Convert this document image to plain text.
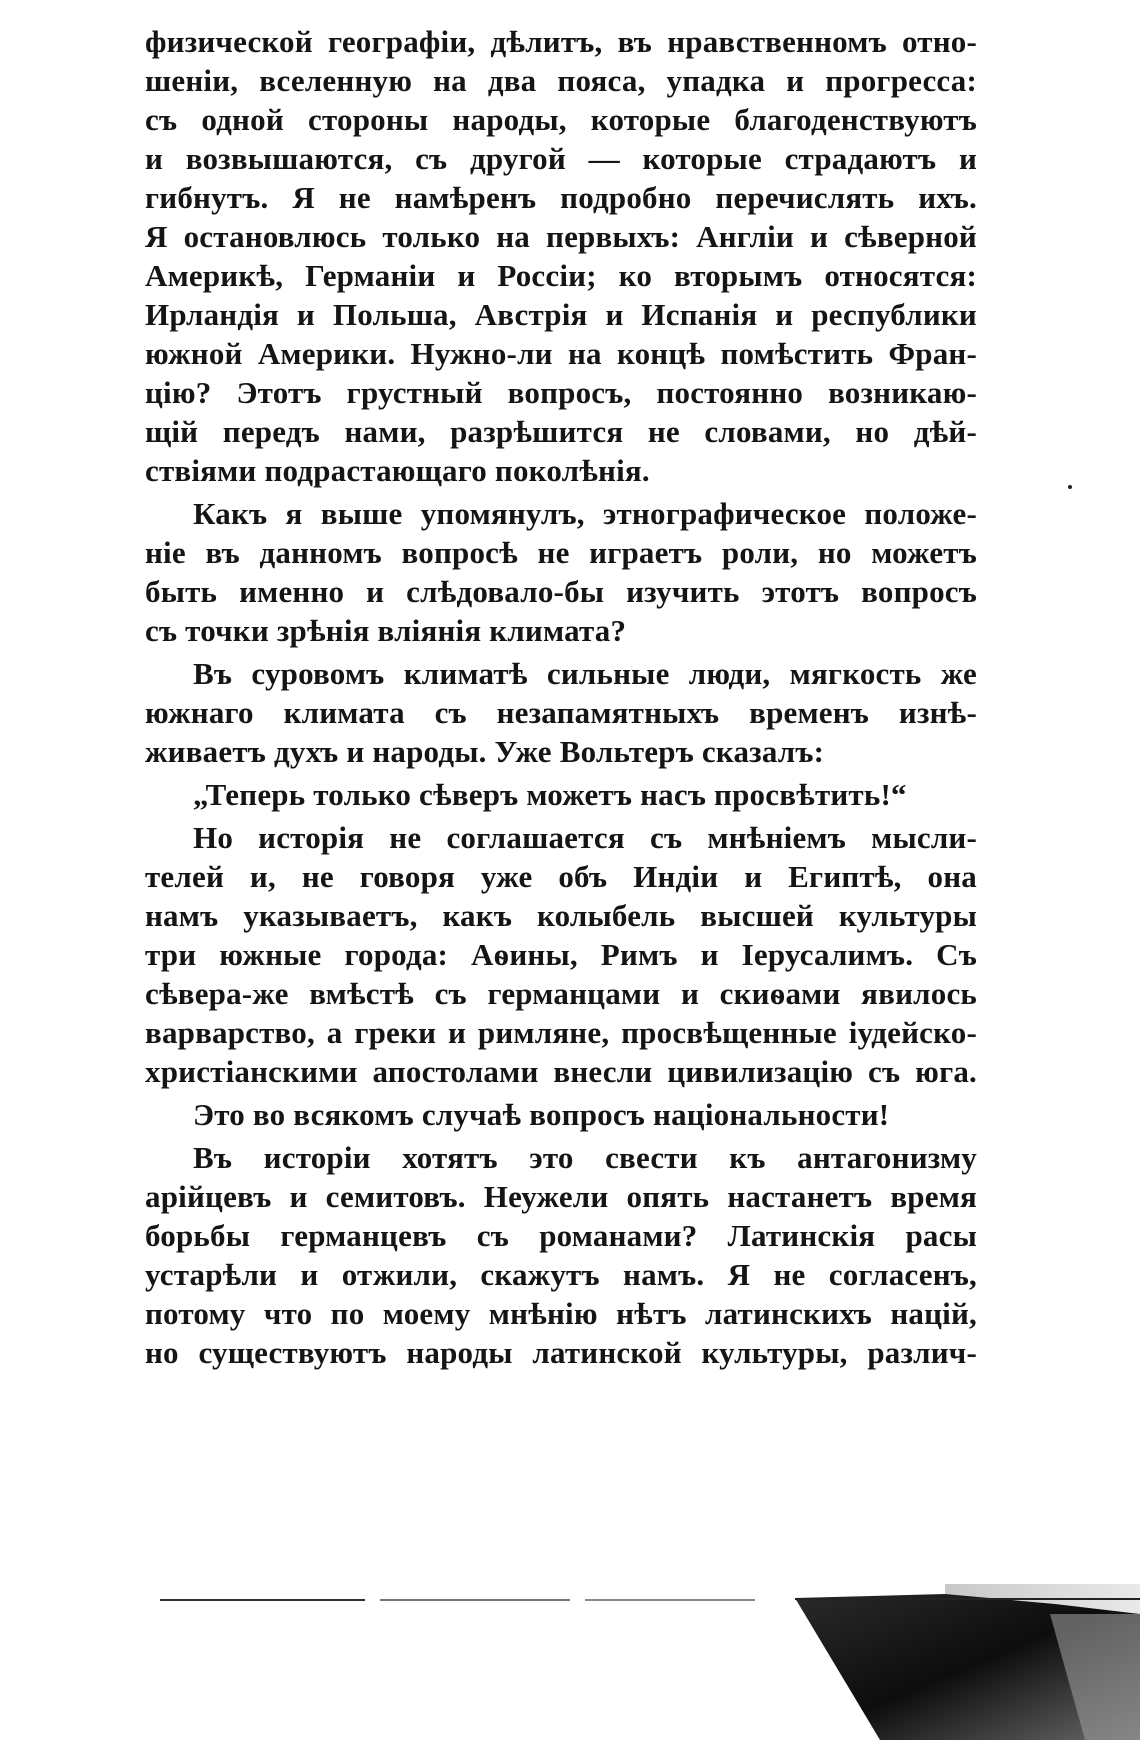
физической географіи, дѣлитъ, въ нравственномъ отно-
шеніи, вселенную на два пояса, упадка и прогресса:
съ одной стороны народы, которые благоденствуютъ
и возвышаются, съ другой — которые страдаютъ и
гибнутъ. Я не намѣренъ подробно перечислять ихъ.
Я остановлюсь только на первыхъ: Англіи и сѣверной
Америкѣ, Германіи и Россіи; ко вторымъ относятся:
Ирландія и Польша, Австрія и Испанія и республики
южной Америки. Нужно-ли на концѣ помѣстить Фран-
цію? Этотъ грустный вопросъ, постоянно возникаю-
щій передъ нами, разрѣшится не словами, но дѣй-
ствіями подрастающаго поколѣнія.
Какъ я выше упомянулъ, этнографическое положе-
ніе въ данномъ вопросѣ не играетъ роли, но можетъ
быть именно и слѣдовало-бы изучить этотъ вопросъ
съ точки зрѣнія вліянія климата?
Въ суровомъ климатѣ сильные люди, мягкость же
южнаго климата съ незапамятныхъ временъ изнѣ-
живаетъ духъ и народы. Уже Вольтеръ сказалъ:
„Теперь только сѣверъ можетъ насъ просвѣтить!“
Но исторія не соглашается съ мнѣніемъ мысли-
телей и, не говоря уже объ Индіи и Египтѣ, она
намъ указываетъ, какъ колыбель высшей культуры
три южные города: Аѳины, Римъ и Іерусалимъ. Съ
сѣвера-же вмѣстѣ съ германцами и скиѳами явилось
варварство, а греки и римляне, просвѣщенные іудейско-
христіанскими апостолами внесли цивилизацію съ юга.
Это во всякомъ случаѣ вопросъ національности!
Въ исторіи хотятъ это свести къ антагонизму
арійцевъ и семитовъ. Неужели опять настанетъ время
борьбы германцевъ съ романами? Латинскія расы
устарѣли и отжили, скажутъ намъ. Я не согласенъ,
потому что по моему мнѣнію нѣтъ латинскихъ націй,
но существуютъ народы латинской культуры, различ-
